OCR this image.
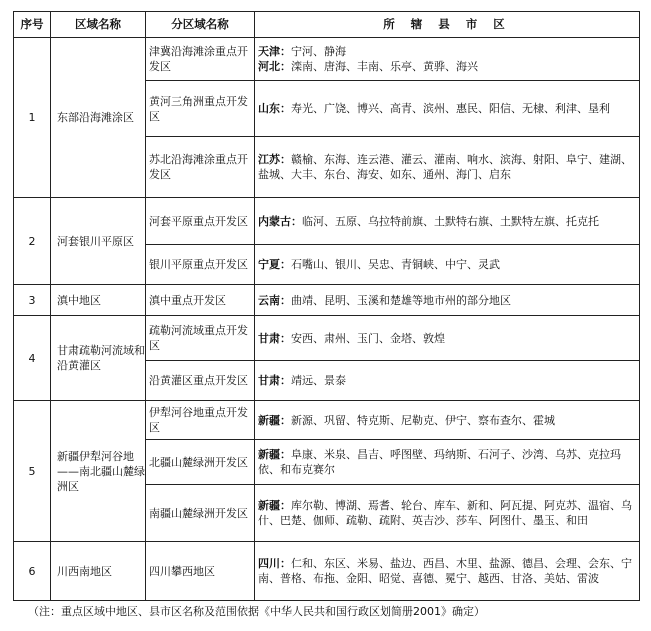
序号	区域名称	分区域名称	所 辖 县 市 区
1	东部沿海滩涂区	津冀沿海滩涂重点开发区	天津：宁河、静海
河北：滦南、唐海、丰南、乐亭、黄骅、海兴

		黄河三角洲重点开发区	山东：寿光、广饶、博兴、高青、滨州、惠民、阳信、无棣、利津、垦利
		苏北沿海滩涂重点开发区	江苏：赣榆、东海、连云港、灌云、灌南、响水、滨海、射阳、阜宁、建湖、盐城、大丰、东台、海安、如东、通州、海门、启东
2	河套银川平原区	河套平原重点开发区	内蒙古：临河、五原、乌拉特前旗、土默特右旗、土默特左旗、托克托
		银川平原重点开发区	宁夏：石嘴山、银川、吴忠、青铜峡、中宁、灵武
3	滇中地区	滇中重点开发区	云南：曲靖、昆明、玉溪和楚雄等地市州的部分地区
4	甘肃疏勒河流域和沿黄灌区	疏勒河流域重点开发区	甘肃：安西、肃州、玉门、金塔、敦煌
		沿黄灌区重点开发区	甘肃：靖远、景泰
5	新疆伊犁河谷地——南北疆山麓绿洲区	伊犁河谷地重点开发区	新疆：新源、巩留、特克斯、尼勒克、伊宁、察布查尔、霍城
		北疆山麓绿洲开发区	新疆：阜康、米泉、昌吉、呼图壁、玛纳斯、石河子、沙湾、乌苏、克拉玛依、和布克赛尔
		南疆山麓绿洲开发区	新疆：库尔勒、博湖、焉耆、轮台、库车、新和、阿瓦提、阿克苏、温宿、乌什、巴楚、伽师、疏勒、疏附、英吉沙、莎车、阿图什、墨玉、和田
6	川西南地区	四川攀西地区	四川：仁和、东区、米易、盐边、西昌、木里、盐源、德昌、会理、会东、宁南、普格、布拖、金阳、昭觉、喜德、冕宁、越西、甘洛、美姑、雷波
（注：重点区域中地区、县市区名称及范围依据《中华人民共和国行政区划简册2001》确定）
